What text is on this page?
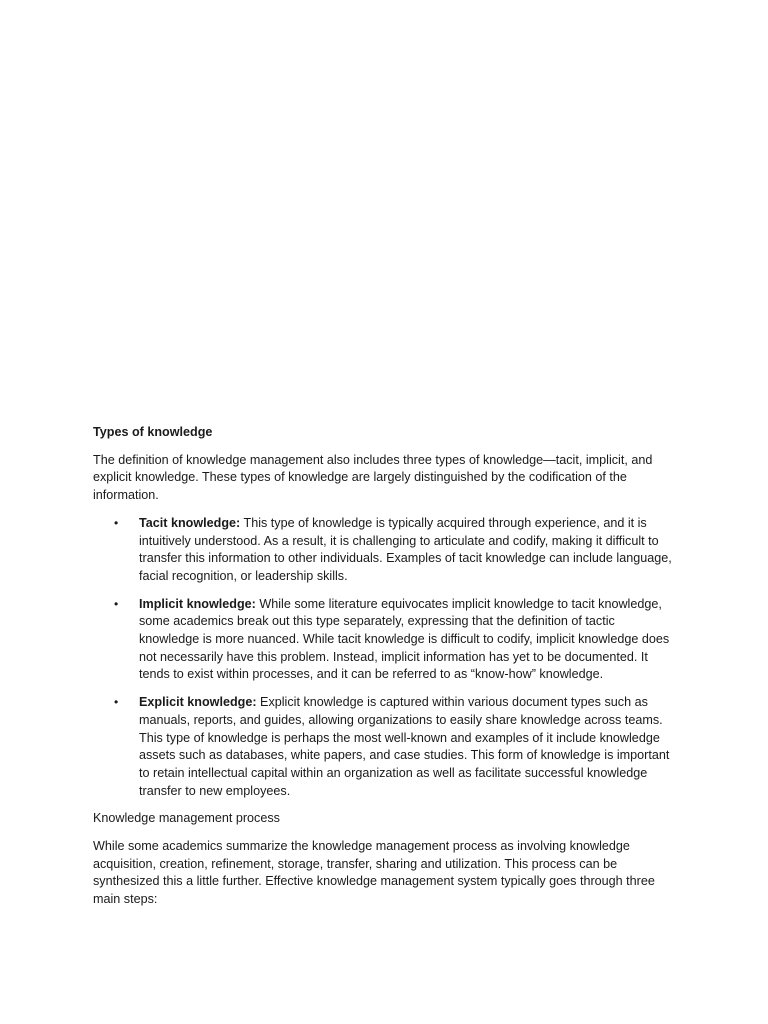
Types of knowledge
The definition of knowledge management also includes three types of knowledge—tacit, implicit, and explicit knowledge. These types of knowledge are largely distinguished by the codification of the information.
• Tacit knowledge: This type of knowledge is typically acquired through experience, and it is intuitively understood. As a result, it is challenging to articulate and codify, making it difficult to transfer this information to other individuals. Examples of tacit knowledge can include language, facial recognition, or leadership skills.
• Implicit knowledge: While some literature equivocates implicit knowledge to tacit knowledge, some academics break out this type separately, expressing that the definition of tactic knowledge is more nuanced. While tacit knowledge is difficult to codify, implicit knowledge does not necessarily have this problem. Instead, implicit information has yet to be documented. It tends to exist within processes, and it can be referred to as “know-how” knowledge.
• Explicit knowledge: Explicit knowledge is captured within various document types such as manuals, reports, and guides, allowing organizations to easily share knowledge across teams. This type of knowledge is perhaps the most well-known and examples of it include knowledge assets such as databases, white papers, and case studies. This form of knowledge is important to retain intellectual capital within an organization as well as facilitate successful knowledge transfer to new employees.
Knowledge management process
While some academics summarize the knowledge management process as involving knowledge acquisition, creation, refinement, storage, transfer, sharing and utilization. This process can be synthesized this a little further. Effective knowledge management system typically goes through three main steps:
